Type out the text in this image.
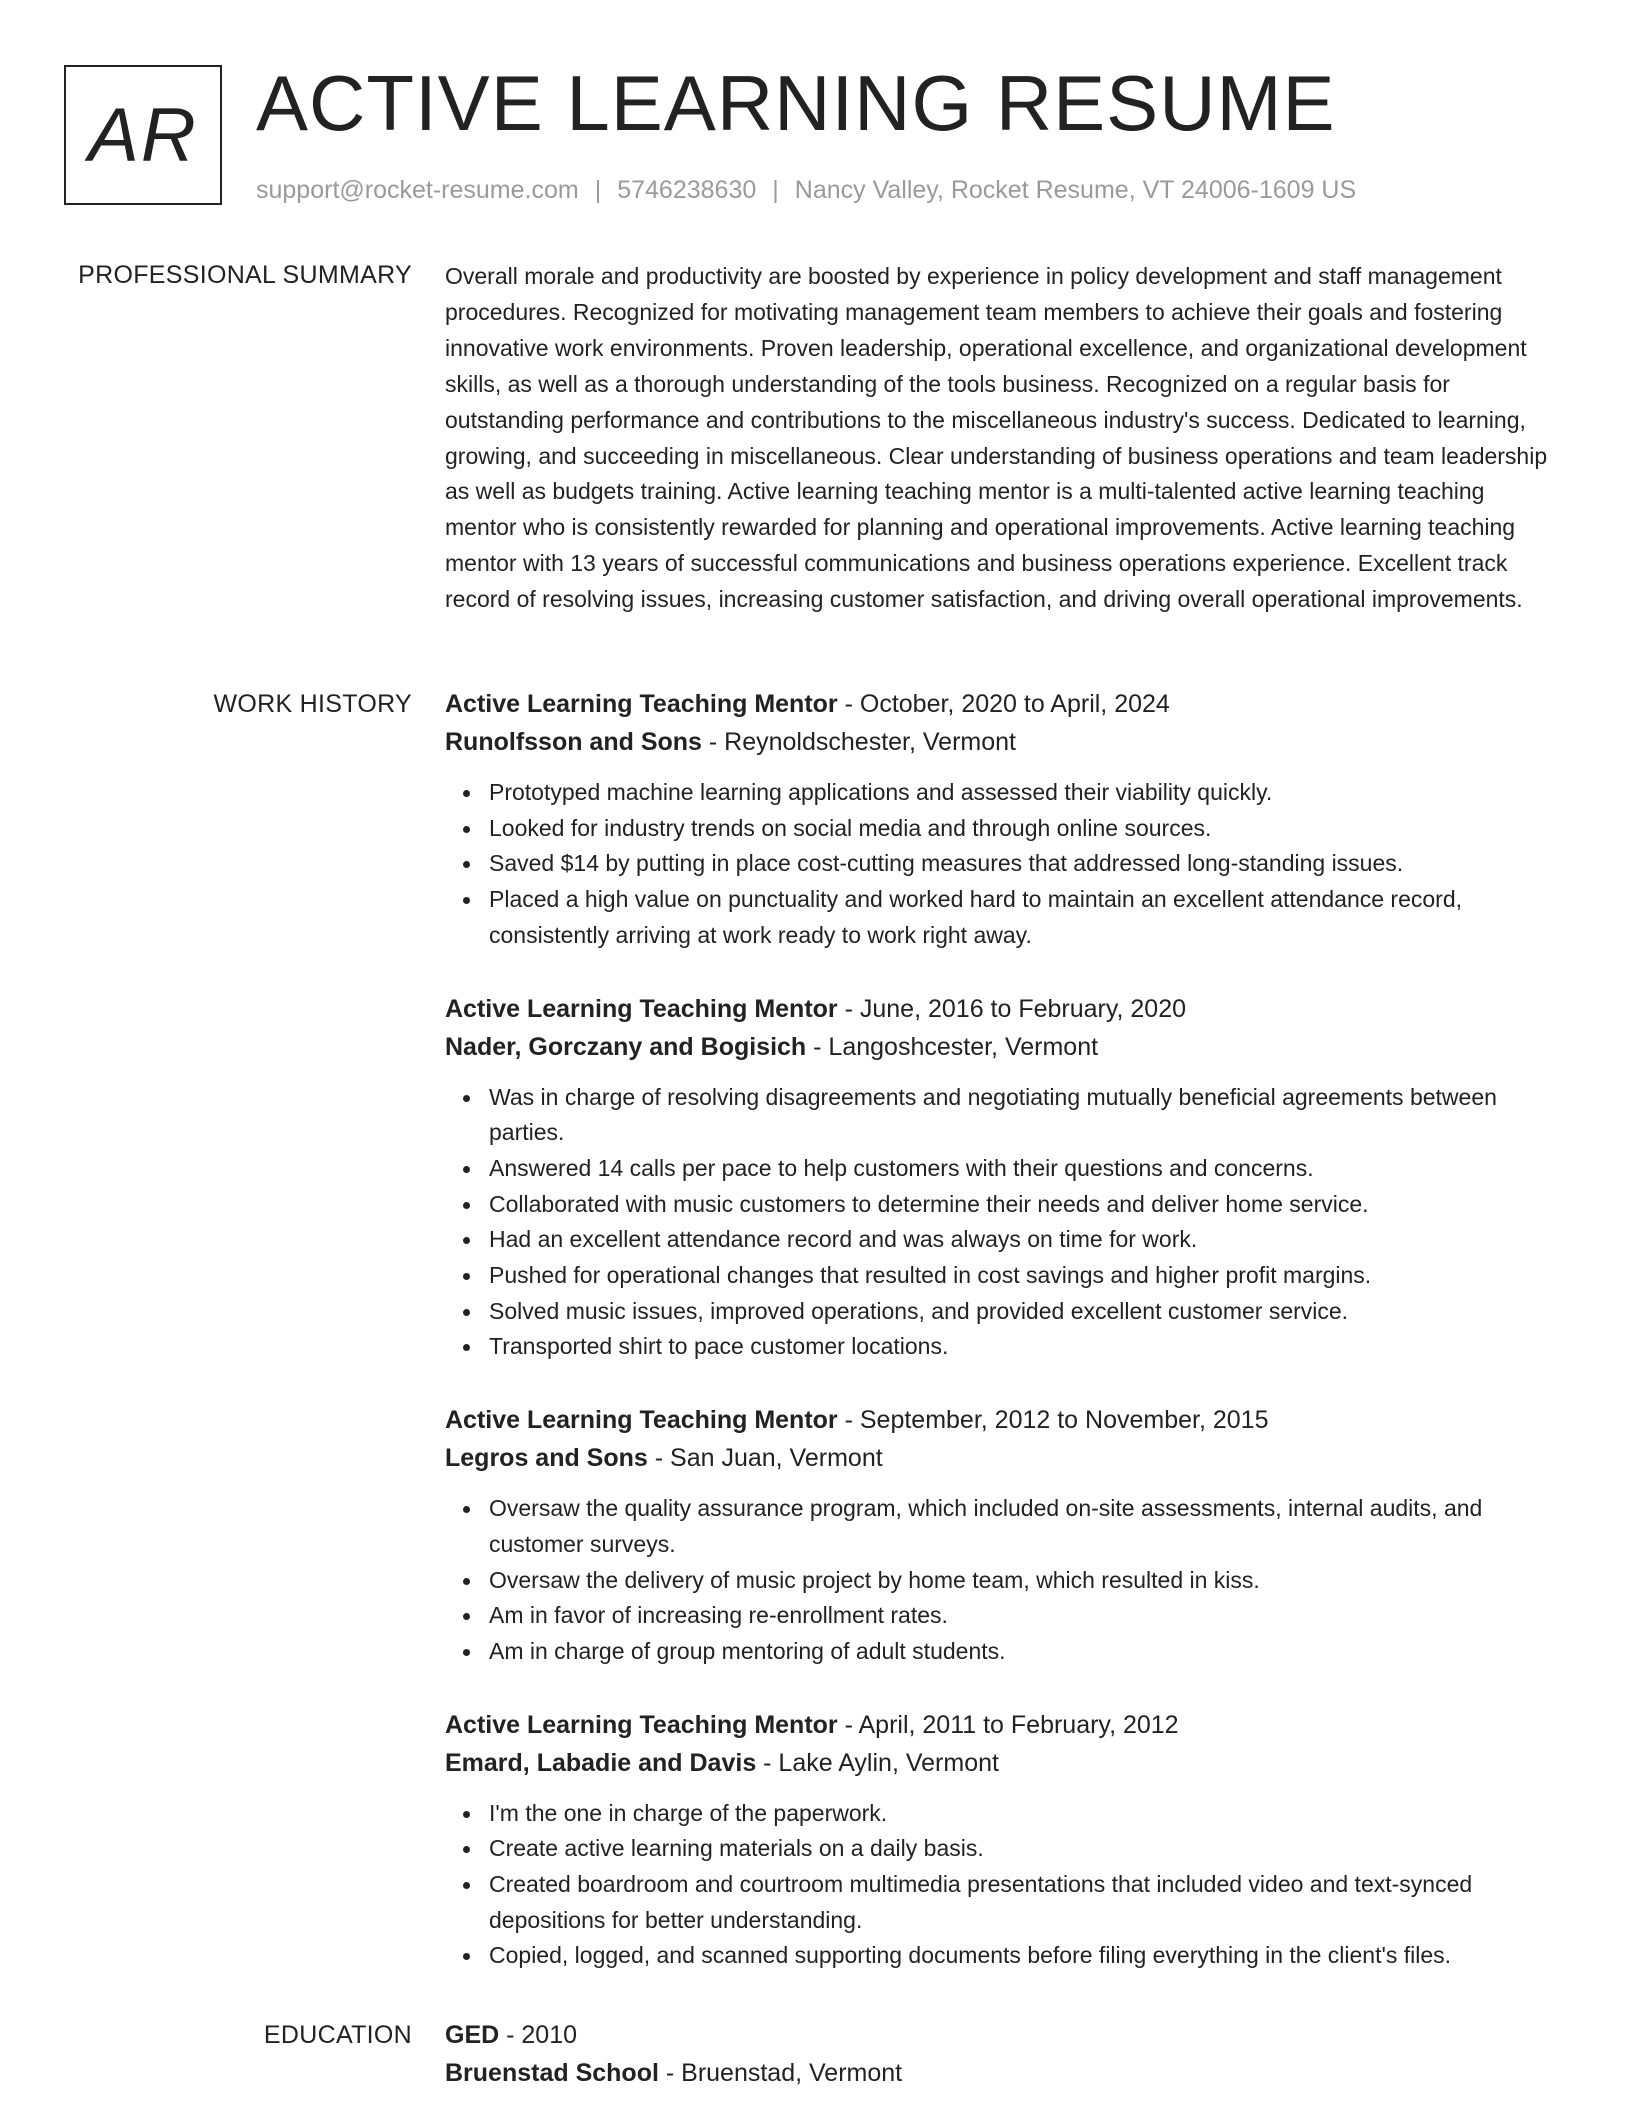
AR ACTIVE LEARNING RESUME
support@rocket-resume.com | 5746238630 | Nancy Valley, Rocket Resume, VT 24006-1609 US
PROFESSIONAL SUMMARY Overall morale and productivity are boosted by experience in policy development and staff management procedures. Recognized for motivating management team members to achieve their goals and fostering innovative work environments. Proven leadership, operational excellence, and organizational development skills, as well as a thorough understanding of the tools business. Recognized on a regular basis for outstanding performance and contributions to the miscellaneous industry's success. Dedicated to learning, growing, and succeeding in miscellaneous. Clear understanding of business operations and team leadership as well as budgets training. Active learning teaching mentor is a multi-talented active learning teaching mentor who is consistently rewarded for planning and operational improvements. Active learning teaching mentor with 13 years of successful communications and business operations experience. Excellent track record of resolving issues, increasing customer satisfaction, and driving overall operational improvements.

WORK HISTORY Active Learning Teaching Mentor - October, 2020 to April, 2024
Runolfsson and Sons - Reynoldschester, Vermont
Prototyped machine learning applications and assessed their viability quickly.
Looked for industry trends on social media and through online sources.
Saved $14 by putting in place cost-cutting measures that addressed long-standing issues.
Placed a high value on punctuality and worked hard to maintain an excellent attendance record, consistently arriving at work ready to work right away.
Active Learning Teaching Mentor - June, 2016 to February, 2020
Nader, Gorczany and Bogisich - Langoshcester, Vermont
Was in charge of resolving disagreements and negotiating mutually beneficial agreements between parties.
Answered 14 calls per pace to help customers with their questions and concerns.
Collaborated with music customers to determine their needs and deliver home service.
Had an excellent attendance record and was always on time for work.
Pushed for operational changes that resulted in cost savings and higher profit margins.
Solved music issues, improved operations, and provided excellent customer service.
Transported shirt to pace customer locations.
Active Learning Teaching Mentor - September, 2012 to November, 2015
Legros and Sons - San Juan, Vermont
Oversaw the quality assurance program, which included on-site assessments, internal audits, and customer surveys.
Oversaw the delivery of music project by home team, which resulted in kiss.
Am in favor of increasing re-enrollment rates.
Am in charge of group mentoring of adult students.
Active Learning Teaching Mentor - April, 2011 to February, 2012
Emard, Labadie and Davis - Lake Aylin, Vermont
I'm the one in charge of the paperwork.
Create active learning materials on a daily basis.
Created boardroom and courtroom multimedia presentations that included video and text-synced depositions for better understanding.
Copied, logged, and scanned supporting documents before filing everything in the client's files.
EDUCATION GED - 2010
Bruenstad School - Bruenstad, Vermont
